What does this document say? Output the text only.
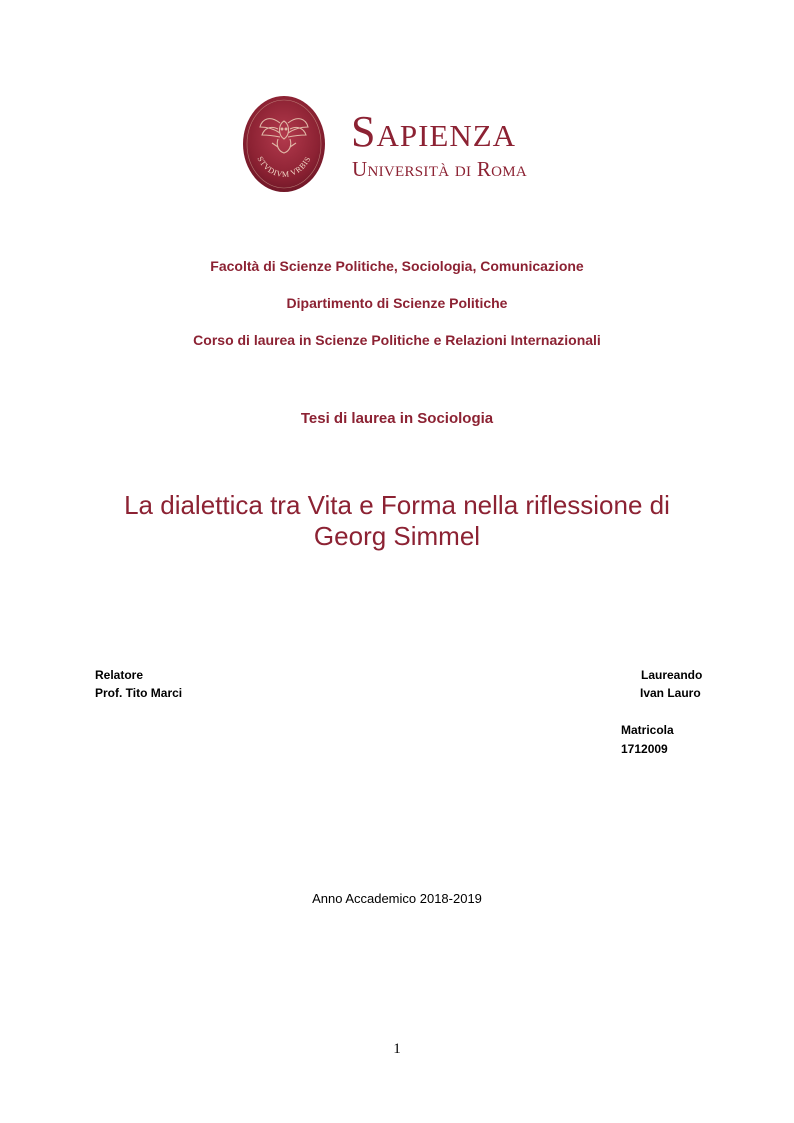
STVDIVM VRBIS
Sapienza
Università di Roma
Facoltà di Scienze Politiche, Sociologia, Comunicazione
Dipartimento di Scienze Politiche
Corso di laurea in Scienze Politiche e Relazioni Internazionali
Tesi di laurea in Sociologia
La dialettica tra Vita e Forma nella riflessione di
Georg Simmel
Relatore
Prof. Tito Marci
Laureando
Ivan Lauro
Matricola
1712009
Anno Accademico 2018-2019
1
